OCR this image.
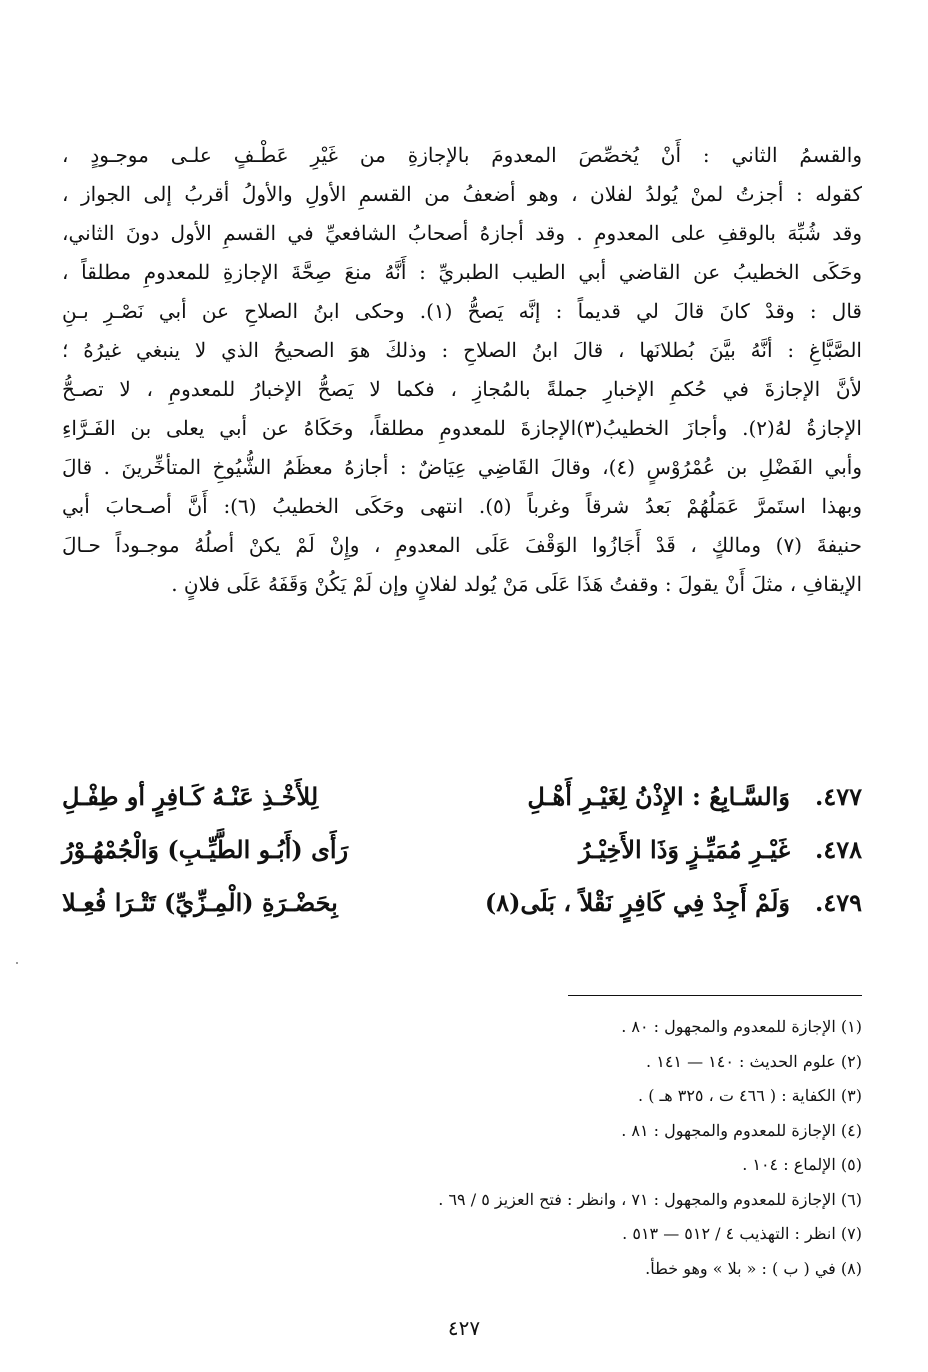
والقسمُ الثاني : أَنْ يُخصِّصَ المعدومَ بالإجازةِ من غَيْرِ عَطْـفٍ علـى موجـودٍ ،
كقوله : أجزتُ لمنْ يُولدُ لفلان ، وهو أضعفُ من القسمِ الأولِ والأولُ أقربُ إلى الجواز ،
وقد شُبِّهَ بالوقفِ على المعدومِ . وقد أجازهُ أصحابُ الشافعيِّ في القسمِ الأول دونَ الثاني،
وحَكَى الخطيبُ عن القاضي أبي الطيب الطبريِّ : أَنَّهُ منعَ صِحَّةَ الإجازةِ للمعدومِ مطلقاً ،
قال : وقدْ كانَ قالَ لي قديماً : إنَّه يَصحُّ (١). وحكى ابنُ الصلاحِ عن أبي نَصْـرِ بـنِ
الصَّبَّاغِ : أنَّهُ بيَّنَ بُطلانَها ، قالَ ابنُ الصلاحِ : وذلكَ هوَ الصحيحُ الذي لا ينبغي غيرُهُ ؛
لأنَّ الإجازةَ في حُكمِ الإخبارِ جملةً بالمُجازِ ، فكما لا يَصحُّ الإخبارُ للمعدومِ ، لا تصـحُّ
الإجازةُ لهُ(٢). وأجازَ الخطيبُ(٣)الإجازةَ للمعدومِ مطلقاً، وحَكَاهُ عن أبي يعلى بن الفَـرَّاءِ
وأبي الفَضْلِ بن عُمْرُوْسٍ (٤)، وقالَ القَاضِي عِيَاضٌ : أجازهُ معظَمُ الشُّيُوخِ المتأخِّرينَ . قالَ
وبهذا استَمرَّ عَمَلُهُمْ بَعدُ شرقاً وغرباً (٥). انتهى وحَكَى الخطيبُ (٦): أَنَّ أصـحابَ أبي
حنيفةَ (٧) ومالكٍ ، قَدْ أَجَازُوا الوَقْفَ عَلَى المعدومِ ، وإِنْ لَمْ يكنْ أصلُهُ موجـوداً حـالَ
الإيقافِ ، مثلَ أَنْ يقولَ : وقفتُ هَذَا عَلَى مَنْ يُولد لفلانٍ وإن لَمْ يَكُنْ وَقَفَهُ عَلَى فلانٍ .
٤٧٧.
وَالسَّـابِعُ : الإِذْنُ لِغَيْـرِ أَهْـلِ
لِلأَخْـذِ عَنْـهُ كَـافِرٍ أو طِفْـلِ
٤٧٨.
غَيْـرِ مُمَيِّـزٍ وَذَا الأَخِيْـرُ
رَأَى (أَبُـو الطَّيِّـبِ) وَالْجُمْهُـوْرُ
٤٧٩.
وَلَمْ أَجِدْ فِي كَافِرٍ نَقْلاً ، بَلَى(٨)
بِحَضْـرَةِ (الْمِـزِّيِّ) تَتْـرَا فُعِـلا
(١) الإجازة للمعدوم والمجهول : ٨٠ .
(٢) علوم الحديث : ١٤٠ — ١٤١ .
(٣) الكفاية : ( ٤٦٦ ت ، ٣٢٥ هـ ) .
(٤) الإجازة للمعدوم والمجهول : ٨١ .
(٥) الإلماع : ١٠٤ .
(٦) الإجازة للمعدوم والمجهول : ٧١ ، وانظر : فتح العزيز ٥ / ٦٩ .
(٧) انظر : التهذيب ٤ / ٥١٢ — ٥١٣ .
(٨) في ( ب ) : « بلا » وهو خطأ.
٤٢٧
